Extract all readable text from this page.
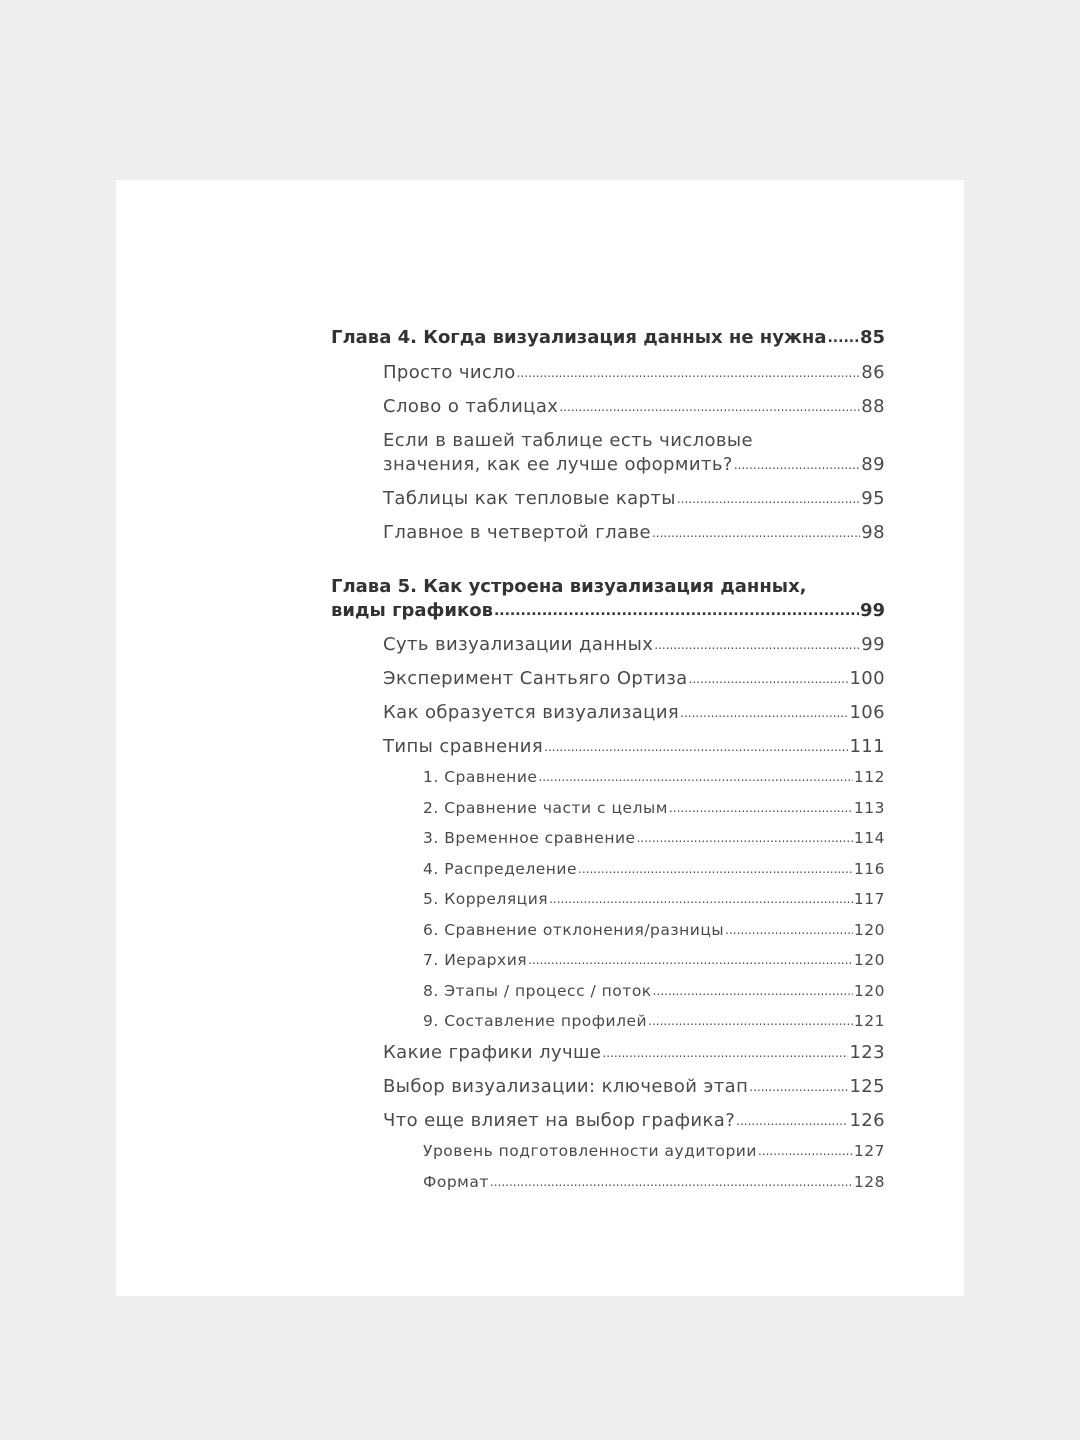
Глава 4. Когда визуализация данных не нужна ..... 85
Просто число .....	86
Слово о таблицах .....	88
Если в вашей таблице есть числовые
значения, как ее лучше оформить? .....	89
Таблицы как тепловые карты .....	95
Главное в четвертой главе .....	98
Глава 5. Как устроена визуализация данных,
виды графиков .....	99
Суть визуализации данных .....	99
Эксперимент Сантьяго Ортиза .....	100
Как образуется визуализация .....	106
Типы сравнения .....	111
1. Сравнение .....	112
2. Сравнение части с целым .....	113
3. Временное сравнение .....	114
4. Распределение .....	116
5. Корреляция .....	117
6. Сравнение отклонения/разницы .....	120
7. Иерархия .....	120
8. Этапы / процесс / поток .....	120
9. Составление профилей .....	121
Какие графики лучше .....	123
Выбор визуализации: ключевой этап .....	125
Что еще влияет на выбор графика? .....	126
Уровень подготовленности аудитории .....	127
Формат .....	128
